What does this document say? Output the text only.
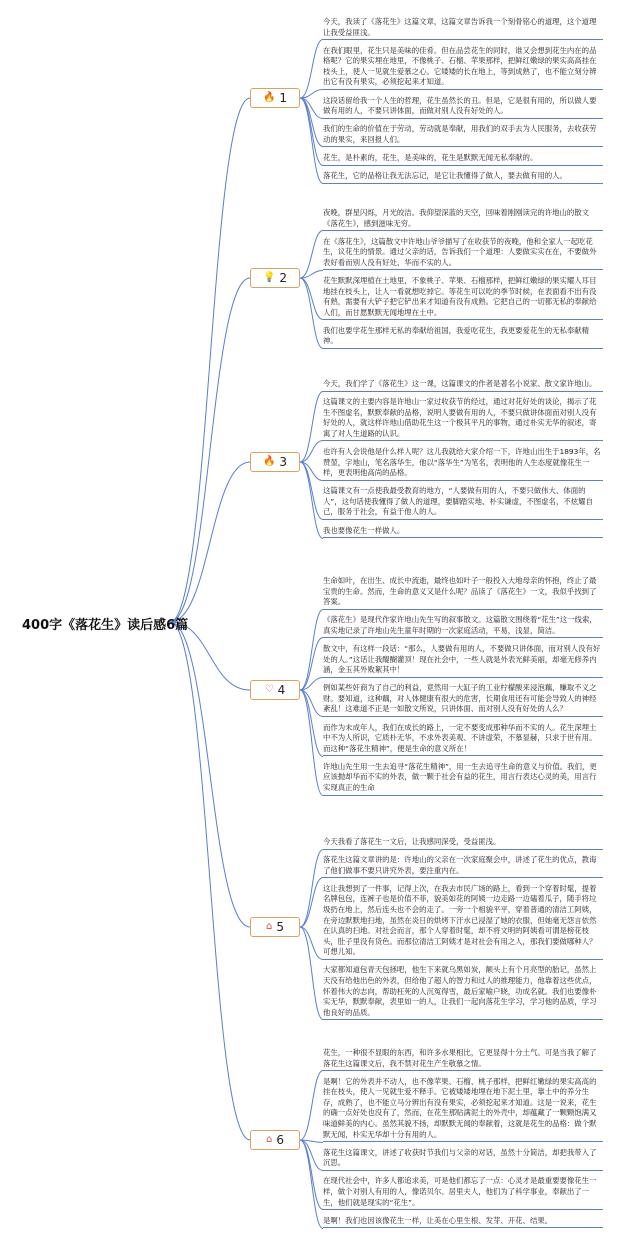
400字《落花生》读后感6篇
🔥 1

今天，我读了《落花生》这篇文章，这篇文章告诉我一个刻骨铭心的道理，这个道理让我受益匪浅。

在我们眼里，花生只是美味的佳肴。但在品尝花生的同时，谁又会想到花生内在的品格呢？它的果实埋在地里，不像桃子、石榴、苹果那样，把鲜红嫩绿的果实高高挂在枝头上，使人一见就生爱慕之心。它矮矮的长在地上，等到成熟了，也不能立刻分辨出它有没有果实，必须挖起来才知道。

这段话留给我一个人生的哲理，花生虽然长的丑。但是，它是很有用的，所以做人要做有用的人，不要只讲体面，而做对别人没有好处的人。

我们的生命的价值在于劳动，劳动就是奉献，用我们的双手去为人民服务，去收获劳动的果实，来回报人们。

花生，是朴素的，花生，是美味的，花生是默默无闻无私奉献的。

落花生，它的品格让我无法忘记，是它让我懂得了做人，要去做有用的人。

💡 2

夜晚，群星闪烁，月光皎洁。我仰望深蓝的天空，回味着刚刚读完的许地山的散文《落花生》，感到滋味无穷。

在《落花生》，这篇散文中许地山爷爷描写了在收获节的夜晚，他和全家人一起吃花生，议花生的情景。通过父亲的话，告诉我们一个道理：人要做实实在在，不要做外表好看而别人没有好处、华而不实的人。

花生默默深埋植在土地里，不象桃子、苹果、石榴那样，把鲜红嫩绿的果实耀人耳目地挂在枝头上，让人一看就想吃掉它。等花生可以吃的季节时候，在表面看不出有没有熟，需要有大铲子把它铲出来才知道有没有成熟。它把自己的一切都无私的奉献给人们，而甘愿默默无闻地埋在土中。

我们也要学花生那样无私的奉献给祖国，我爱吃花生，我更要爱花生的无私奉献精神。

🔥 3

今天，我们学了《落花生》这一课，这篇课文的作者是著名小说家、散文家许地山。

这篇课文的主要内容是许地山一家过收获节的经过，通过对花好处的谈论，揭示了花生不图虚名，默默奉献的品格，说明人要做有用的人，不要只做讲体面而对别人没有好处的人，就这样许地山借助花生这一个极其平凡的事物，通过朴实无华的叙述，寄寓了对人生道路的认识。

也许有人会说他是什么样人呢？这儿我就给大家介绍一下，许地山出生于1893年，名赞堃，字地山，笔名落华生，他以“落华生”为笔名，表明他的人生态度就像花生一样，更表明他高尚的品格。

这篇课文有一点使我最受教育的地方，“人要做有用的人，不要只做伟大、体面的人”，这句话使我懂得了做人的道理，要脚踏实地、朴实谦虚，不图虚名，不炫耀自己，服务于社会，有益于他人的人。

我也要像花生一样做人。

♡ 4

生命如叶，在出生、成长中流逝，最终也如叶子一般投入大地母亲的怀抱，终止了最宝贵的生命。然而，生命的意义又是什么呢？品读了《落花生》一文，我似乎找到了答案。

《落花生》是现代作家许地山先生写的叙事散文。这篇散文围绕着“花生”这一线索，真实地记录了许地山先生童年时期的一次家庭活动，平易，浅显，简洁。

散文中，有这样一段话：“那么，人要做有用的人，不要做只讲体面，而对别人没有好处的人。”这话让我醍醐灌顶！现在社会中，一些人就是外表光鲜美丽，却毫无修养内涵，金玉其外败絮其中！

例如某些奸商为了自己的利益，竟然用一大缸子的工业柠檬酸来浸泡藕，赚取不义之财。要知道，这种藕，对人体健康有很大的危害，长期食用还有可能会导致人的神经紊乱！这难道不正是一如散文所说，只讲体面、而对别人没有好处的人么？

而作为未成年人，我们在成长的路上，一定不要变成那种华而不实的人。花生深埋土中不为人所识，它质朴无华，不求外表美观、不讲虚荣，不慕显赫，只求于世有用。而这种“落花生精神”，便是生命的意义所在！

许地山先生用一生去追寻“落花生精神”，用一生去追寻生命的意义与价值。我们，更应该抛却华而不实的外表，做一颗于社会有益的花生，用言行表达心灵的美，用言行实现真正的生命

⌂ 5

今天我看了落花生一文后，让我感同深受，受益匪浅。

落花生这篇文章讲的是：许地山的父亲在一次家庭聚会中，讲述了花生的优点，教诲了他们做事不要只讲究外表，要注重内在。

这让我想到了一件事，记得上次，在我去市民广场的路上，看到一个穿着时髦，提着名牌包包，连裤子也是价值不菲，貌美如花的阿姨一边走路一边磕着瓜子，随手将垃圾扔在地上，然后连头也不会的走了。一旁一个相貌平平，穿着普通的清洁工阿姨，在旁边默默地扫地，虽然在炎日的烘烤下汗水已浸湿了她的衣服，但她毫无怨言依然在认真的扫地。对社会而言，那个人穿着时髦，却不将文明的阿姨看可谓是榜花枝头，肚子里没有货色。而那位清洁工阿姨才是对社会有用之人，那我们要做哪种人？可想儿知。

大家都知道包青天包拯吧，他生下来就乌黑如炭，额头上有个月亮型的胎记，虽然上天没有给他出色的外表，但给他了超人的智力和过人的推理能力，他靠着这些优点，怀着伟大的志向，帮助枉死的人沉冤得雪，最后家喻户晓，功成名就。我们也要像朴实无华，默默奉献，表里如一的人，让我们一起向落花生学习，学习他的品质，学习他良好的品质。

⌂ 6

花生，一种很不显眼的东西，和许多水果相比，它更显得十分土气。可是当我了解了落花生这篇课文后，我不禁对花生产生敬慕之情。

是啊！它的外表并不动人，也不像苹果、石榴、桃子那样，把鲜红嫩绿的果实高高的挂在枝头，使人一见就生爱不释手。它被矮矮地埋在地下泥土里，靠土中的养分生存，成熟了，也不能立马分辨出有没有果实，必须挖起来才知道。这是一说来，花生的确一点好处也没有了，然而，在花生那贴满泥土的外壳中，却蕴藏了一颗颗饱满又味道鲜美的内心。虽然其貌不扬，却默默无闻的奉献着，这就是花生的品格：做个默默无闻，朴实无华却十分有用的人。

落花生这篇课文，讲述了收获时节我们与父亲的对话，虽然十分简洁，却把我带入了沉思。

在现代社会中，许多人都追求美，可是他们都忘了一点：心灵才是最重要要像花生一样，做个对别人有用的人，像诺贝尔、居里夫人，他们为了科学事业，奉献出了一生，他们就是现实的“花生”。

是啊！我们也因该像花生一样，让美在心里生根、发芽、开花、结果。
